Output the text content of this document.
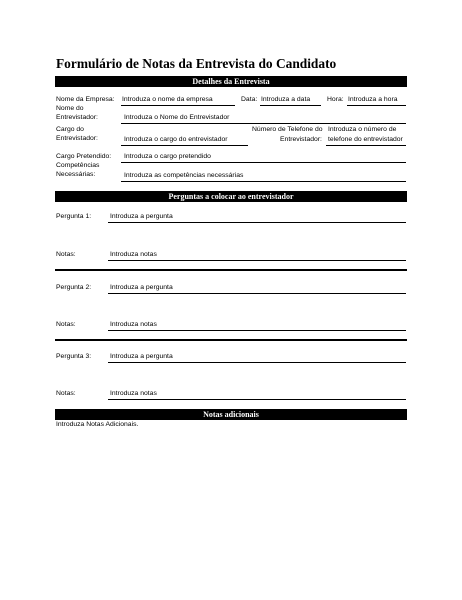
Formulário de Notas da Entrevista do Candidato
Detalhes da Entrevista
Nome da Empresa: Introduza o nome da empresa	Data: Introduza a data Hora: Introduza a hora
Nome do
Entrevistador:	Introduza o Nome do Entrevistador
Cargo do
Entrevistador:	Introduza o cargo do entrevistador
Número de Telefone do
Entrevistador:
Introduza o número de
telefone do entrevistador
Cargo Pretendido: Introduza o cargo pretendido
Competências
Necessárias:	Introduza as competências necessárias
Perguntas a colocar ao entrevistador
Pergunta 1:	Introduza a pergunta
Notas:	Introduza notas
Pergunta 2:	Introduza a pergunta
Notas:	Introduza notas
Pergunta 3:	Introduza a pergunta
Notas:	Introduza notas
Notas adicionais
Introduza Notas Adicionais.
